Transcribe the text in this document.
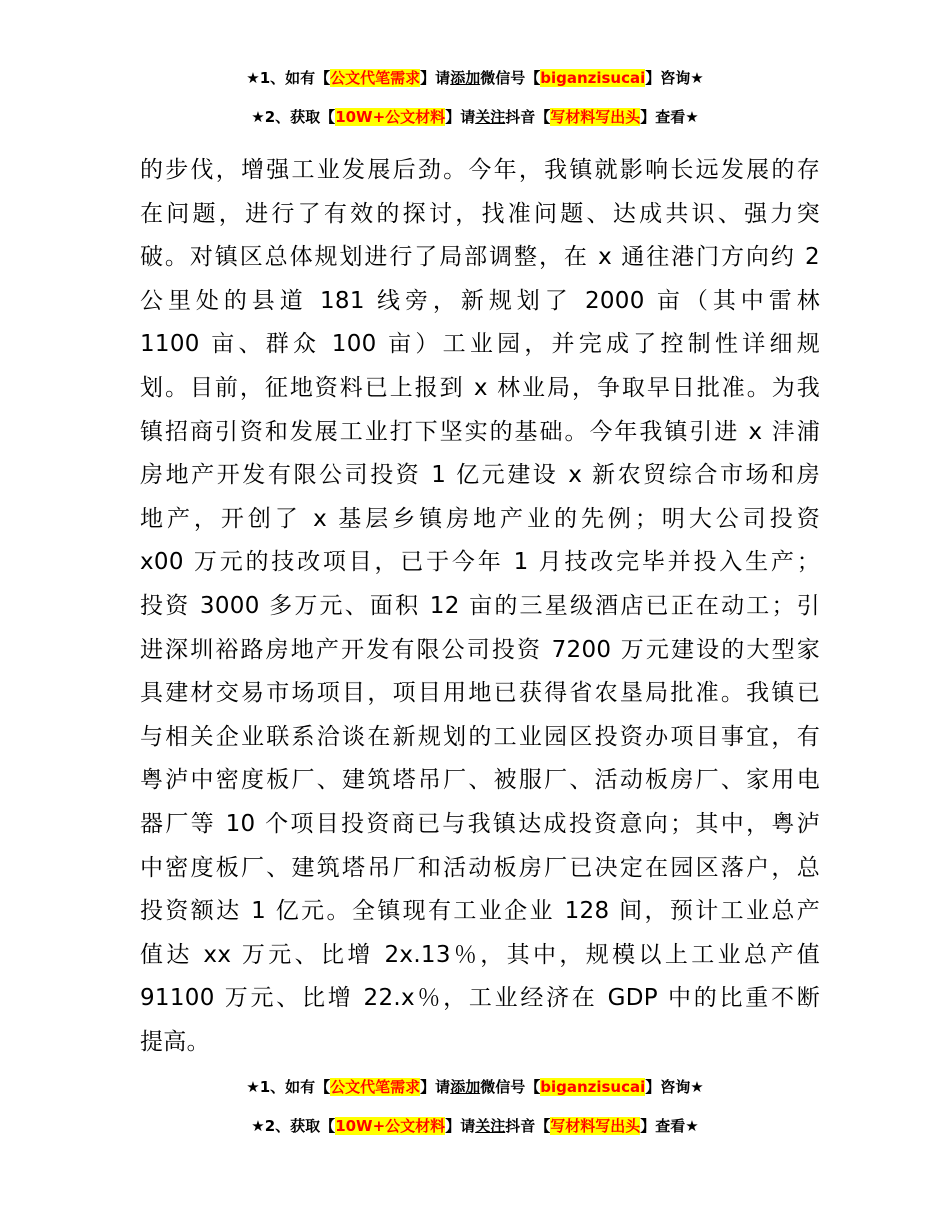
★1、如有【公文代笔需求】请添加微信号【biganzisucai】咨询★
★2、获取【10W+公文材料】请关注抖音【写材料写出头】查看★
的步伐，增强工业发展后劲。今年，我镇就影响长远发展的存
在问题，进行了有效的探讨，找准问题、达成共识、强力突
破。对镇区总体规划进行了局部调整，在 x 通往港门方向约 2
公里处的县道 181 线旁，新规划了 2000 亩（其中雷林
1100 亩、群众 100 亩）工业园，并完成了控制性详细规
划。目前，征地资料已上报到 x 林业局，争取早日批准。为我
镇招商引资和发展工业打下坚实的基础。今年我镇引进 x 沣浦
房地产开发有限公司投资 1 亿元建设 x 新农贸综合市场和房
地产，开创了 x 基层乡镇房地产业的先例；明大公司投资
x00 万元的技改项目，已于今年 1 月技改完毕并投入生产；
投资 3000 多万元、面积 12 亩的三星级酒店已正在动工；引
进深圳裕路房地产开发有限公司投资 7200 万元建设的大型家
具建材交易市场项目，项目用地已获得省农垦局批准。我镇已
与相关企业联系洽谈在新规划的工业园区投资办项目事宜，有
粤泸中密度板厂、建筑塔吊厂、被服厂、活动板房厂、家用电
器厂等 10 个项目投资商已与我镇达成投资意向；其中，粤泸
中密度板厂、建筑塔吊厂和活动板房厂已决定在园区落户，总
投资额达 1 亿元。全镇现有工业企业 128 间，预计工业总产
值达 xx 万元、比增 2x.13％，其中，规模以上工业总产值
91100 万元、比增 22.x％，工业经济在 GDP 中的比重不断
提高。
★1、如有【公文代笔需求】请添加微信号【biganzisucai】咨询★
★2、获取【10W+公文材料】请关注抖音【写材料写出头】查看★
